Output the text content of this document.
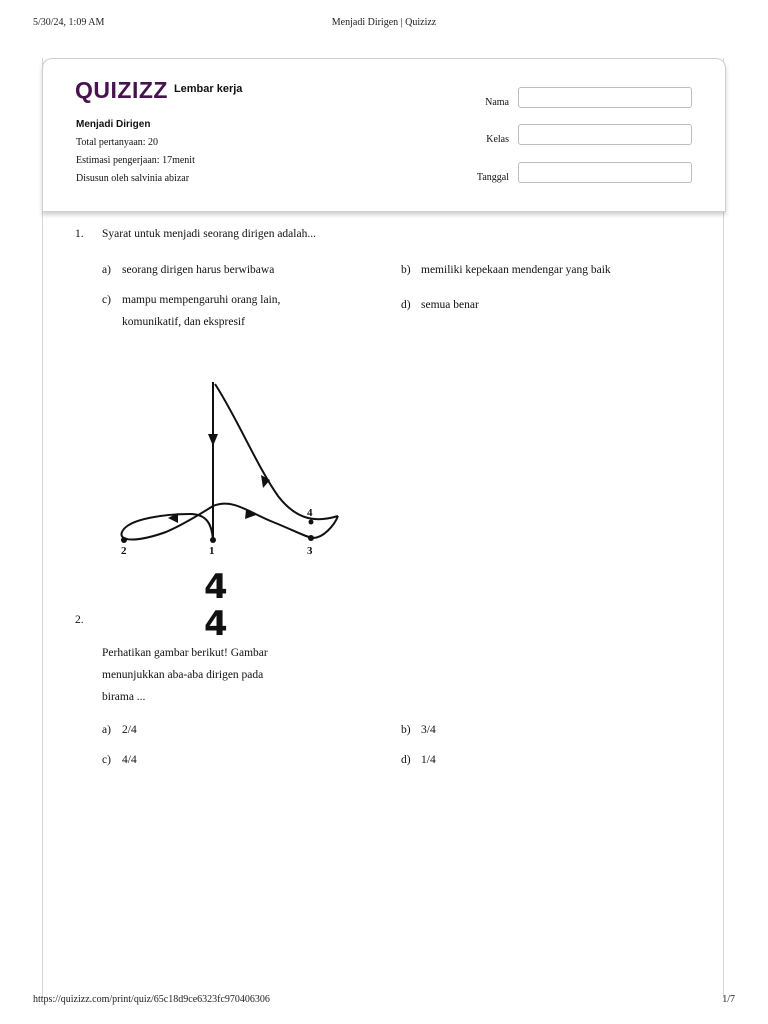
5/30/24, 1:09 AM	Menjadi Dirigen | Quizizz
QUIZIZZ Lembar kerja
Menjadi Dirigen
Total pertanyaan: 20
Estimasi pengerjaan: 17menit
Disusun oleh salvinia abizar
Nama
Kelas
Tanggal
1. Syarat untuk menjadi seorang dirigen adalah...
a) seorang dirigen harus berwibawa	b) memiliki kepekaan mendengar yang baik
c) mampu mempengaruhi orang lain,
komunikatif, dan ekspresif
d) semua benar
1
2	3
4
4
4
2.
Perhatikan gambar berikut! Gambar
menunjukkan aba-aba dirigen pada
birama ...
a) 2/4	b) 3/4
c) 4/4	d) 1/4
https://quizizz.com/print/quiz/65c18d9ce6323fc970406306	1/7
